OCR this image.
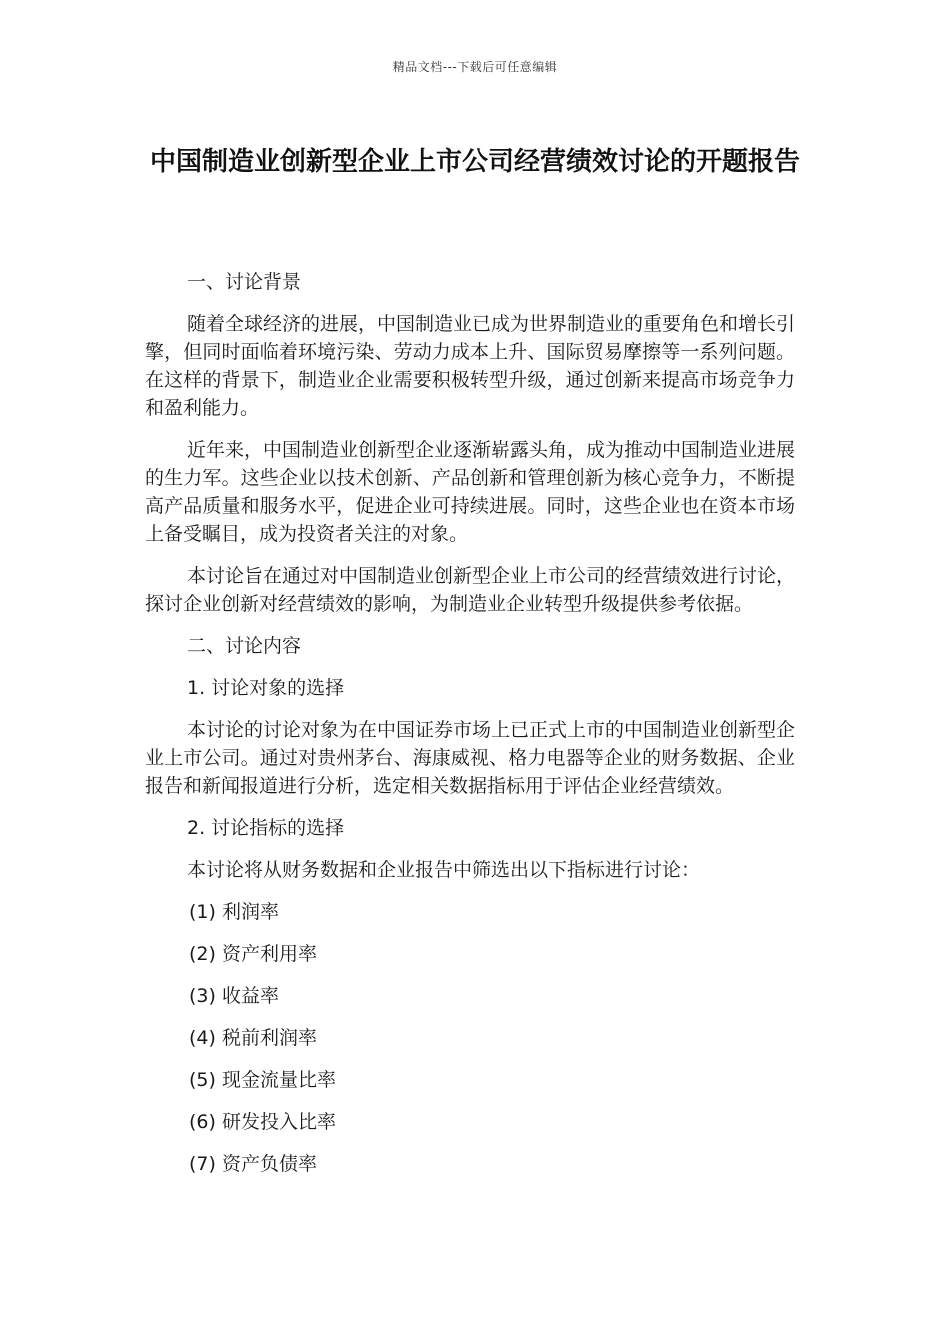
精品文档---下载后可任意编辑
中国制造业创新型企业上市公司经营绩效讨论的开题报告

一、讨论背景

随着全球经济的进展，中国制造业已成为世界制造业的重要角色和增长引擎，但同时面临着环境污染、劳动力成本上升、国际贸易摩擦等一系列问题。在这样的背景下，制造业企业需要积极转型升级，通过创新来提高市场竞争力和盈利能力。

近年来，中国制造业创新型企业逐渐崭露头角，成为推动中国制造业进展的生力军。这些企业以技术创新、产品创新和管理创新为核心竞争力，不断提高产品质量和服务水平，促进企业可持续进展。同时，这些企业也在资本市场上备受瞩目，成为投资者关注的对象。

本讨论旨在通过对中国制造业创新型企业上市公司的经营绩效进行讨论，探讨企业创新对经营绩效的影响，为制造业企业转型升级提供参考依据。

二、讨论内容

1. 讨论对象的选择

本讨论的讨论对象为在中国证券市场上已正式上市的中国制造业创新型企业上市公司。通过对贵州茅台、海康威视、格力电器等企业的财务数据、企业报告和新闻报道进行分析，选定相关数据指标用于评估企业经营绩效。

2. 讨论指标的选择

本讨论将从财务数据和企业报告中筛选出以下指标进行讨论：

(1) 利润率

(2) 资产利用率

(3) 收益率

(4) 税前利润率

(5) 现金流量比率

(6) 研发投入比率

(7) 资产负债率
